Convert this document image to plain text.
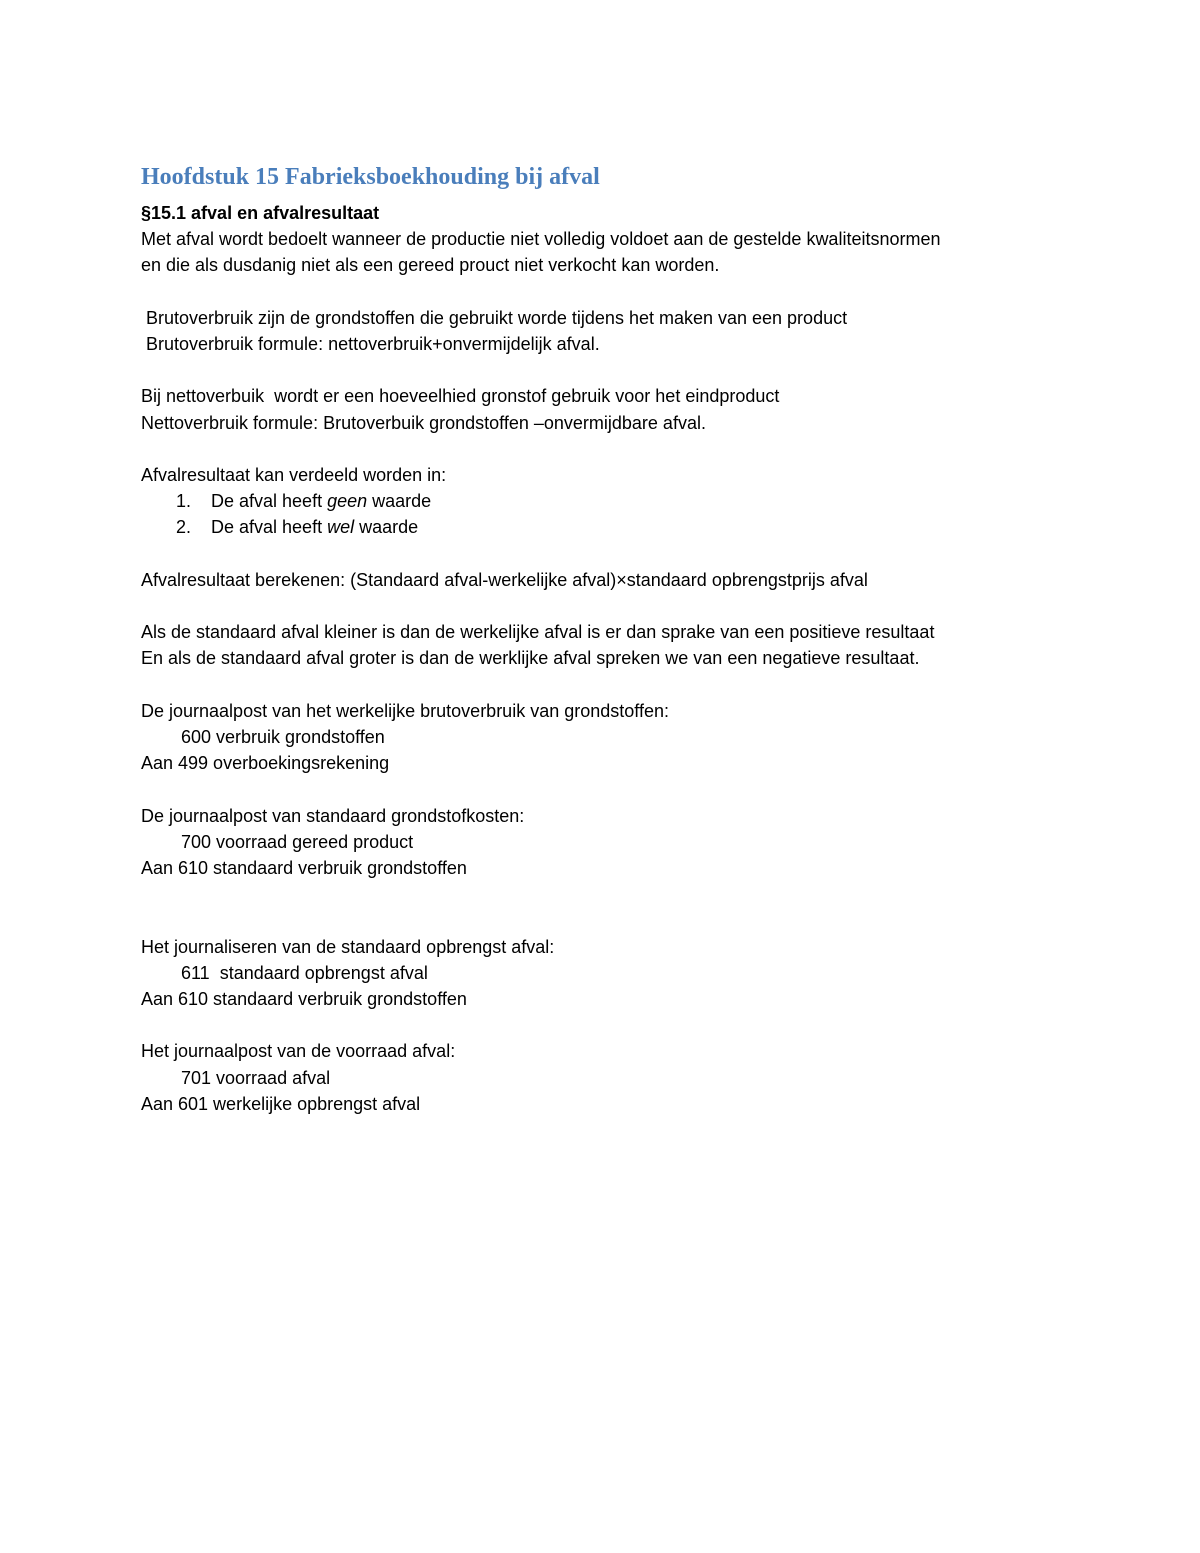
Hoofdstuk 15 Fabrieksboekhouding bij afval

§15.1 afval en afvalresultaat

Met afval wordt bedoelt wanneer de productie niet volledig voldoet aan de gestelde kwaliteitsnormen
en die als dusdanig niet als een gereed prouct niet verkocht kan worden.
Brutoverbruik zijn de grondstoffen die gebruikt worde tijdens het maken van een product
Brutoverbruik formule: nettoverbruik+onvermijdelijk afval.
Bij nettoverbuik  wordt er een hoeveelhied gronstof gebruik voor het eindproduct
Nettoverbruik formule: Brutoverbuik grondstoffen –onvermijdbare afval.
Afvalresultaat kan verdeeld worden in:
1. De afval heeft geen waarde
2. De afval heeft wel waarde
Afvalresultaat berekenen: (Standaard afval-werkelijke afval)×standaard opbrengstprijs afval
Als de standaard afval kleiner is dan de werkelijke afval is er dan sprake van een positieve resultaat
En als de standaard afval groter is dan de werklijke afval spreken we van een negatieve resultaat.
De journaalpost van het werkelijke brutoverbruik van grondstoffen:
600 verbruik grondstoffen
Aan 499 overboekingsrekening
De journaalpost van standaard grondstofkosten:
700 voorraad gereed product
Aan 610 standaard verbruik grondstoffen
Het journaliseren van de standaard opbrengst afval:
611  standaard opbrengst afval
Aan 610 standaard verbruik grondstoffen
Het journaalpost van de voorraad afval:
701 voorraad afval
Aan 601 werkelijke opbrengst afval
